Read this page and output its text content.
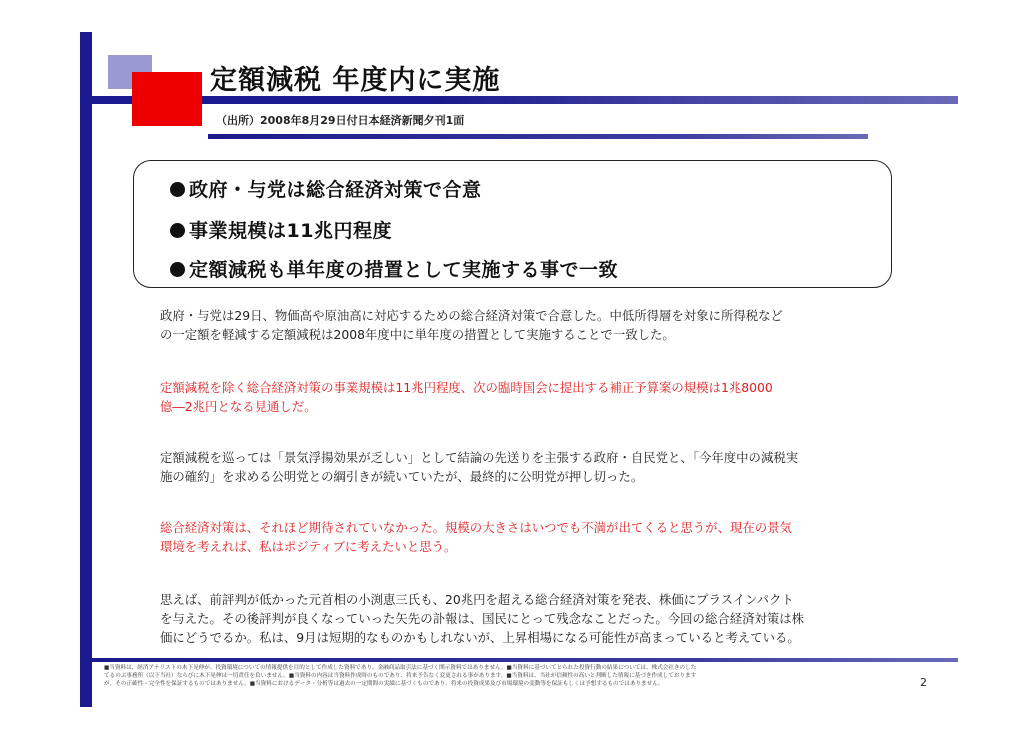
定額減税 年度内に実施
（出所）2008年8月29日付日本経済新聞夕刊1面
政府・与党は総合経済対策で合意
事業規模は11兆円程度
定額減税も単年度の措置として実施する事で一致
政府・与党は29日、物価高や原油高に対応するための総合経済対策で合意した。中低所得層を対象に所得税など
の一定額を軽減する定額減税は2008年度中に単年度の措置として実施することで一致した。
定額減税を除く総合経済対策の事業規模は11兆円程度、次の臨時国会に提出する補正予算案の規模は1兆8000
億―2兆円となる見通しだ。
定額減税を巡っては「景気浮揚効果が乏しい」として結論の先送りを主張する政府・自民党と、「今年度中の減税実
施の確約」を求める公明党との綱引きが続いていたが、最終的に公明党が押し切った。
総合経済対策は、それほど期待されていなかった。規模の大きさはいつでも不満が出てくると思うが、現在の景気
環境を考えれば、私はポジティブに考えたいと思う。
思えば、前評判が低かった元首相の小渕恵三氏も、20兆円を超える総合経済対策を発表、株価にプラスインパクト
を与えた。その後評判が良くなっていった矢先の訃報は、国民にとって残念なことだった。今回の総合経済対策は株
価にどうでるか。私は、9月は短期的なものかもしれないが、上昇相場になる可能性が高まっていると考えている。
■当資料は、経済アナリストの木下晃伸が、投資環境についての情報提供を目的として作成した資料であり、金融商品取引法に基づく開示資料ではありません。■当資料に基づいてとられた投資行動の結果については、株式会社きのした
てるのぶ事務所（以下当社）ならびに木下晃伸は一切責任を負いません。■当資料の内容は当資料作成時のものであり、将来予告なく変更される事があります。■当資料は、当社が信頼性の高いと判断した情報に基づき作成しております
が、その正確性・完全性を保証するものではありません。■当資料におけるデータ・分析等は過去の一定期間の実績に基づくものであり、将来の投資成果及び市場環境の変動等を保証もしくは予想するものではありません。	2
